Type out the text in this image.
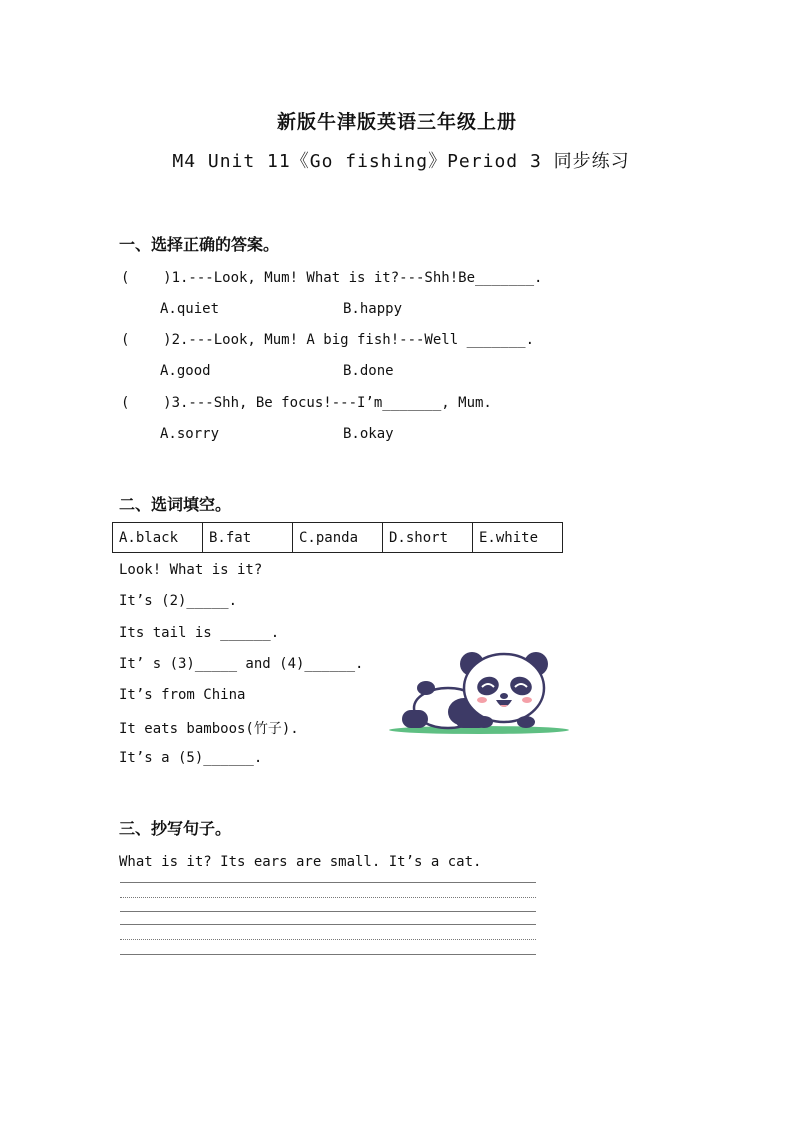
新版牛津版英语三年级上册
M4 Unit 11《Go fishing》Period 3 同步练习
一、选择正确的答案。
(    )1.---Look, Mum! What is it?---Shh!Be_______.
A.quiet	B.happy
(    )2.---Look, Mum! A big fish!---Well _______.
A.good	B.done
(    )3.---Shh, Be focus!---I’m_______, Mum.
A.sorry	B.okay
二、选词填空。
A.black	B.fat	C.panda	D.short	E.white
Look! What is it?
It’s (2)_____.
Its tail is ______.
It’ s (3)_____ and (4)______.
It’s from China
It eats bamboos(竹子).
It’s a (5)______.
三、抄写句子。
What is it? Its ears are small. It’s a cat.
